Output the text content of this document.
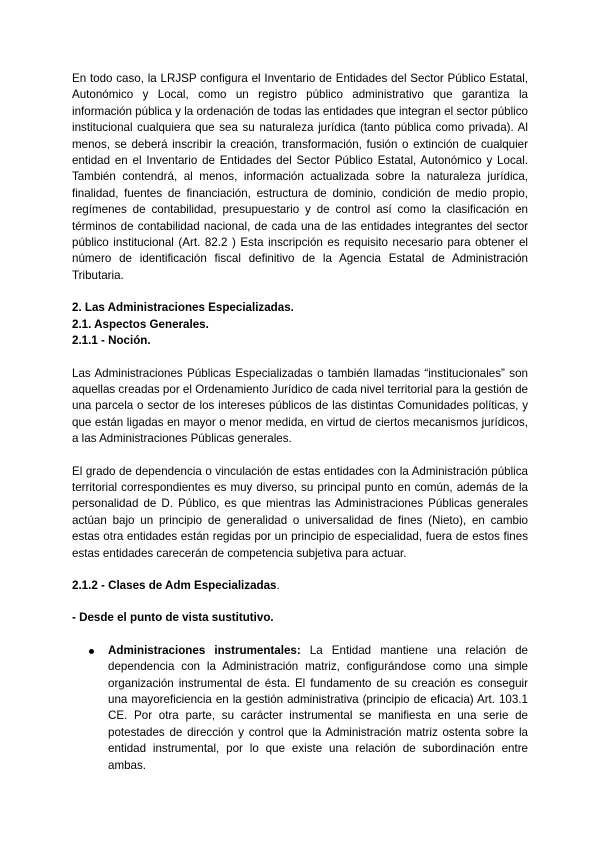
En todo caso, la LRJSP configura el Inventario de Entidades del Sector Público Estatal, Autonómico y Local, como un registro público administrativo que garantiza la información pública y la ordenación de todas las entidades que integran el sector público institucional cualquiera que sea su naturaleza jurídica (tanto pública como privada). Al menos, se deberá inscribir la creación, transformación, fusión o extinción de cualquier entidad en el Inventario de Entidades del Sector Público Estatal, Autonómico y Local. También contendrá, al menos, información actualizada sobre la naturaleza jurídica, finalidad, fuentes de financiación, estructura de dominio, condición de medio propio, regímenes de contabilidad, presupuestario y de control así como la clasificación en términos de contabilidad nacional, de cada una de las entidades integrantes del sector público institucional (Art. 82.2 ) Esta inscripción es requisito necesario para obtener el número de identificación fiscal definitivo de la Agencia Estatal de Administración Tributaria.

2. Las Administraciones Especializadas.

2.1. Aspectos Generales.

2.1.1 - Noción.

Las Administraciones Públicas Especializadas o también llamadas “institucionales” son aquellas creadas por el Ordenamiento Jurídico de cada nivel territorial para la gestión de una parcela o sector de los intereses públicos de las distintas Comunidades políticas, y que están ligadas en mayor o menor medida, en virtud de ciertos mecanismos jurídicos, a las Administraciones Públicas generales.

El grado de dependencia o vinculación de estas entidades con la Administración pública territorial correspondientes es muy diverso, su principal punto en común, además de la personalidad de D. Público, es que mientras las Administraciones Públicas generales actúan bajo un principio de generalidad o universalidad de fines (Nieto), en cambio estas otra entidades están regidas por un principio de especialidad, fuera de estos fines estas entidades carecerán de competencia subjetiva para actuar.

2.1.2 - Clases de Adm Especializadas.

- Desde el punto de vista sustitutivo.

Administraciones instrumentales: La Entidad mantiene una relación de dependencia con la Administración matriz, configurándose como una simple organización instrumental de ésta. El fundamento de su creación es conseguir una mayoreficiencia en la gestión administrativa (principio de eficacia) Art. 103.1 CE. Por otra parte, su carácter instrumental se manifiesta en una serie de potestades de dirección y control que la Administración matriz ostenta sobre la entidad instrumental, por lo que existe una relación de subordinación entre ambas.
